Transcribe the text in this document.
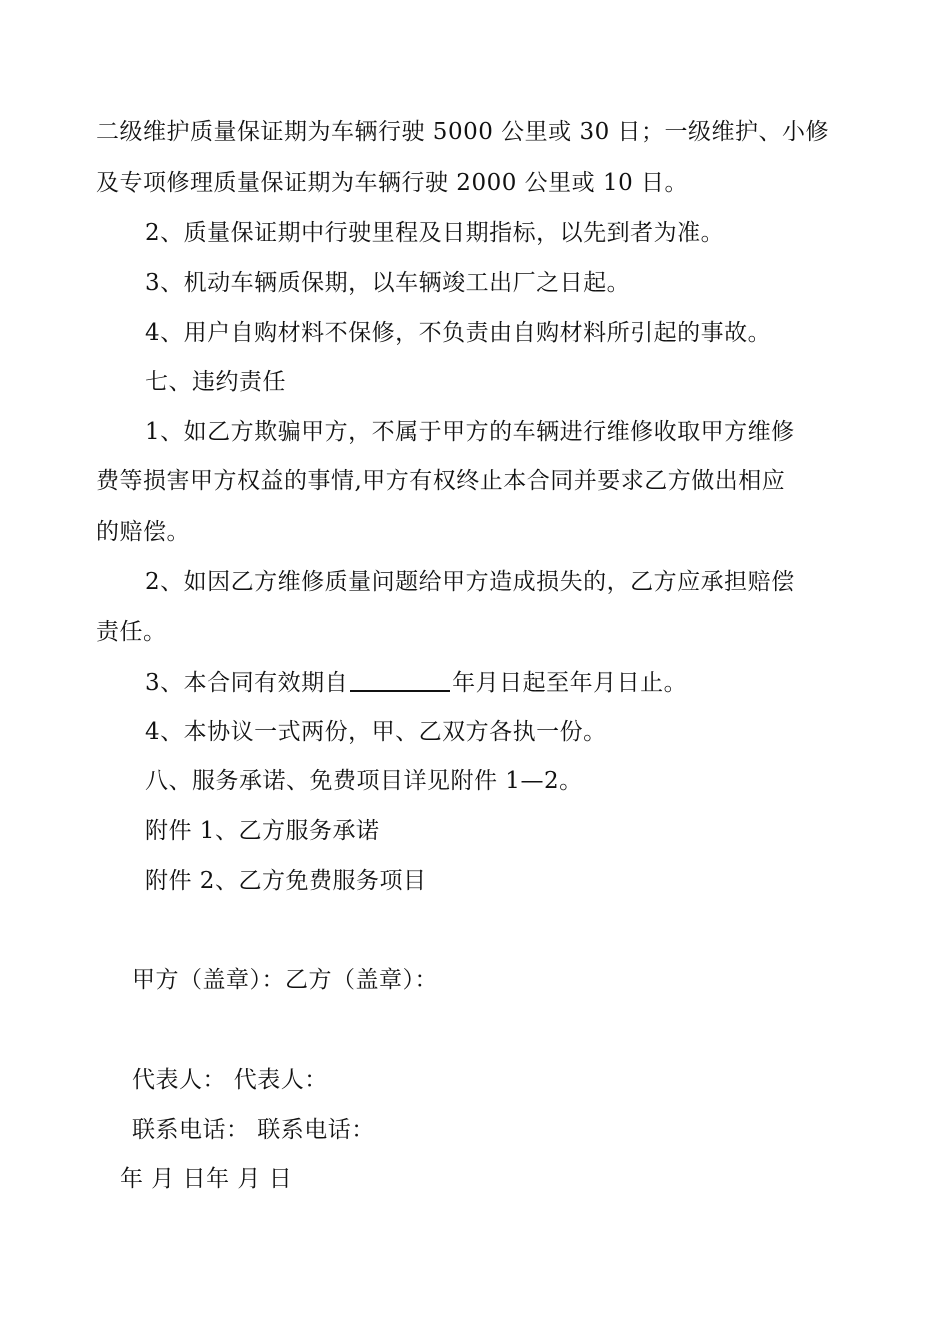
二级维护质量保证期为车辆行驶 5000 公里或 30 日；一级维护、小修
及专项修理质量保证期为车辆行驶 2000 公里或 10 日。
2、质量保证期中行驶里程及日期指标，以先到者为准。
3、机动车辆质保期，以车辆竣工出厂之日起。
4、用户自购材料不保修，不负责由自购材料所引起的事故。
七、违约责任
1、如乙方欺骗甲方，不属于甲方的车辆进行维修收取甲方维修
费等损害甲方权益的事情,甲方有权终止本合同并要求乙方做出相应
的赔偿。
2、如因乙方维修质量问题给甲方造成损失的，乙方应承担赔偿
责任。
3、本合同有效期自	年月日起至年月日止。
4、本协议一式两份，甲、乙双方各执一份。
八、服务承诺、免费项目详见附件 1—2。
附件 1、乙方服务承诺
附件 2、乙方免费服务项目
甲方（盖章）：乙方（盖章）：
代表人： 代表人：
联系电话： 联系电话：
年 月 日年 月 日
